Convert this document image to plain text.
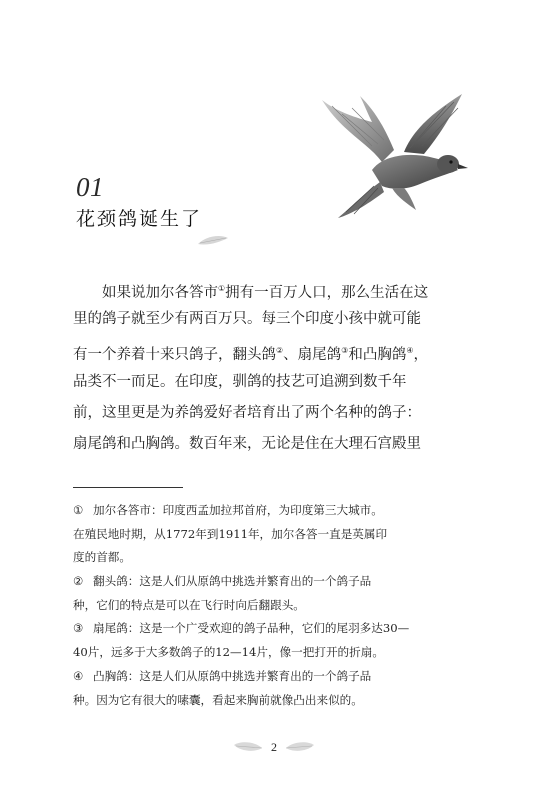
01
花颈鸽诞生了
如果说加尔各答市①拥有一百万人口，那么生活在这
里的鸽子就至少有两百万只。每三个印度小孩中就可能
有一个养着十来只鸽子，翻头鸽②、扇尾鸽③和凸胸鸽④，
品类不一而足。在印度，驯鸽的技艺可追溯到数千年
前，这里更是为养鸽爱好者培育出了两个名种的鸽子：
扇尾鸽和凸胸鸽。数百年来，无论是住在大理石宫殿里
① 加尔各答市：印度西孟加拉邦首府，为印度第三大城市。
在殖民地时期，从1772年到1911年，加尔各答一直是英属印
度的首都。
② 翻头鸽：这是人们从原鸽中挑选并繁育出的一个鸽子品
种，它们的特点是可以在飞行时向后翻跟头。
③ 扇尾鸽：这是一个广受欢迎的鸽子品种，它们的尾羽多达30—
40片，远多于大多数鸽子的12—14片，像一把打开的折扇。
④ 凸胸鸽：这是人们从原鸽中挑选并繁育出的一个鸽子品
种。因为它有很大的嗉囊，看起来胸前就像凸出来似的。
2
